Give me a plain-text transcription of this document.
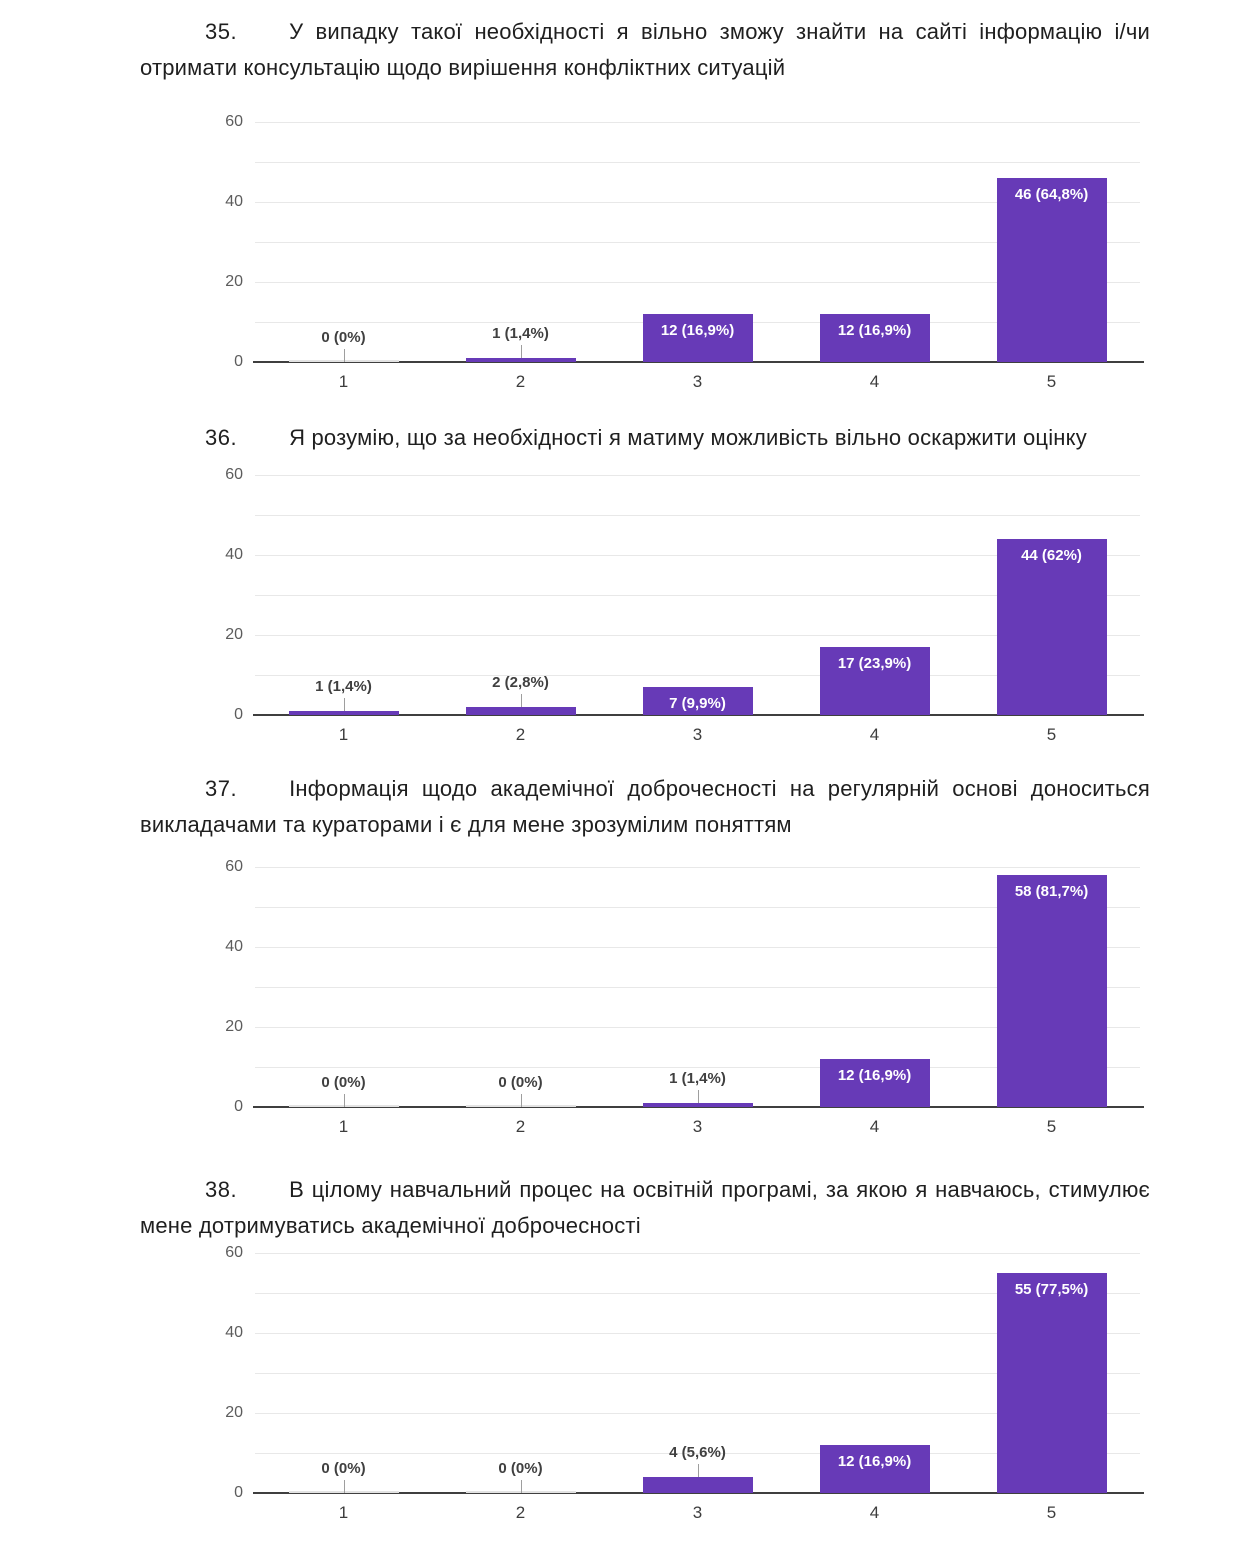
35. У випадку такої необхідності я вільно зможу знайти на сайті інформацію і/чи отримати консультацію щодо вирішення конфліктних ситуацій

0
20
40
60
0 (0%)
1
1 (1,4%)
2
12 (16,9%)
3
12 (16,9%)
4
46 (64,8%)
5

36. Я розумію, що за необхідності я матиму можливість вільно оскаржити оцінку

0
20
40
60
1 (1,4%)
1
2 (2,8%)
2
7 (9,9%)
3
17 (23,9%)
4
44 (62%)
5

37. Інформація щодо академічної доброчесності на регулярній основі доноситься викладачами та кураторами і є для мене зрозумілим поняттям

0
20
40
60
0 (0%)
1
0 (0%)
2
1 (1,4%)
3
12 (16,9%)
4
58 (81,7%)
5

38. В цілому навчальний процес на освітній програмі, за якою я навчаюсь, стимулює мене дотримуватись академічної доброчесності

0
20
40
60
0 (0%)
1
0 (0%)
2
4 (5,6%)
3
12 (16,9%)
4
55 (77,5%)
5
